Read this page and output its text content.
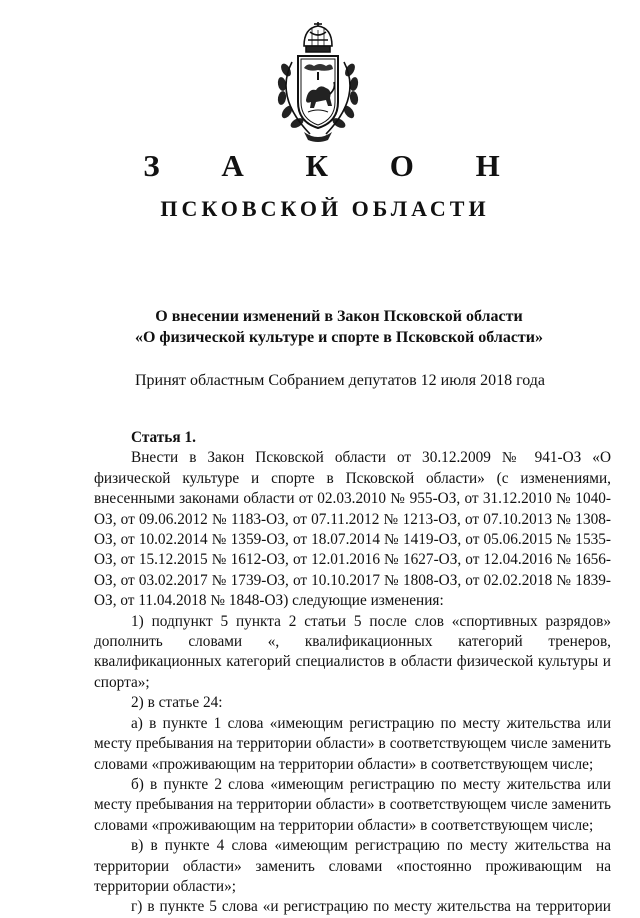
З А К О Н
ПСКОВСКОЙ ОБЛАСТИ
О внесении изменений в Закон Псковской области
«О физической культуре и спорте в Псковской области»
Принят областным Собранием депутатов 12 июля 2018 года

Статья 1.

Внести в Закон Псковской области от 30.12.2009 № 941-ОЗ «О физической культуре и спорте в Псковской области» (с изменениями, внесенными законами области от 02.03.2010 № 955-ОЗ, от 31.12.2010 № 1040-ОЗ, от 09.06.2012 № 1183-ОЗ, от 07.11.2012 № 1213-ОЗ, от 07.10.2013 № 1308-ОЗ, от 10.02.2014 № 1359-ОЗ, от 18.07.2014 № 1419-ОЗ, от 05.06.2015 № 1535-ОЗ, от 15.12.2015 № 1612-ОЗ, от 12.01.2016 № 1627-ОЗ, от 12.04.2016 № 1656-ОЗ, от 03.02.2017 № 1739-ОЗ, от 10.10.2017 № 1808-ОЗ, от 02.02.2018 № 1839-ОЗ, от 11.04.2018 № 1848-ОЗ) следующие изменения:

1) подпункт 5 пункта 2 статьи 5 после слов «спортивных разрядов» дополнить словами «, квалификационных категорий тренеров, квалификационных категорий специалистов в области физической культуры и спорта»;

2) в статье 24:

а) в пункте 1 слова «имеющим регистрацию по месту жительства или месту пребывания на территории области» в соответствующем числе заменить словами «проживающим на территории области» в соответствующем числе;

б) в пункте 2 слова «имеющим регистрацию по месту жительства или месту пребывания на территории области» в соответствующем числе заменить словами «проживающим на территории области» в соответствующем числе;

в) в пункте 4 слова «имеющим регистрацию по месту жительства на территории области» заменить словами «постоянно проживающим на территории области»;

г) в пункте 5 слова «и регистрацию по месту жительства на территории
